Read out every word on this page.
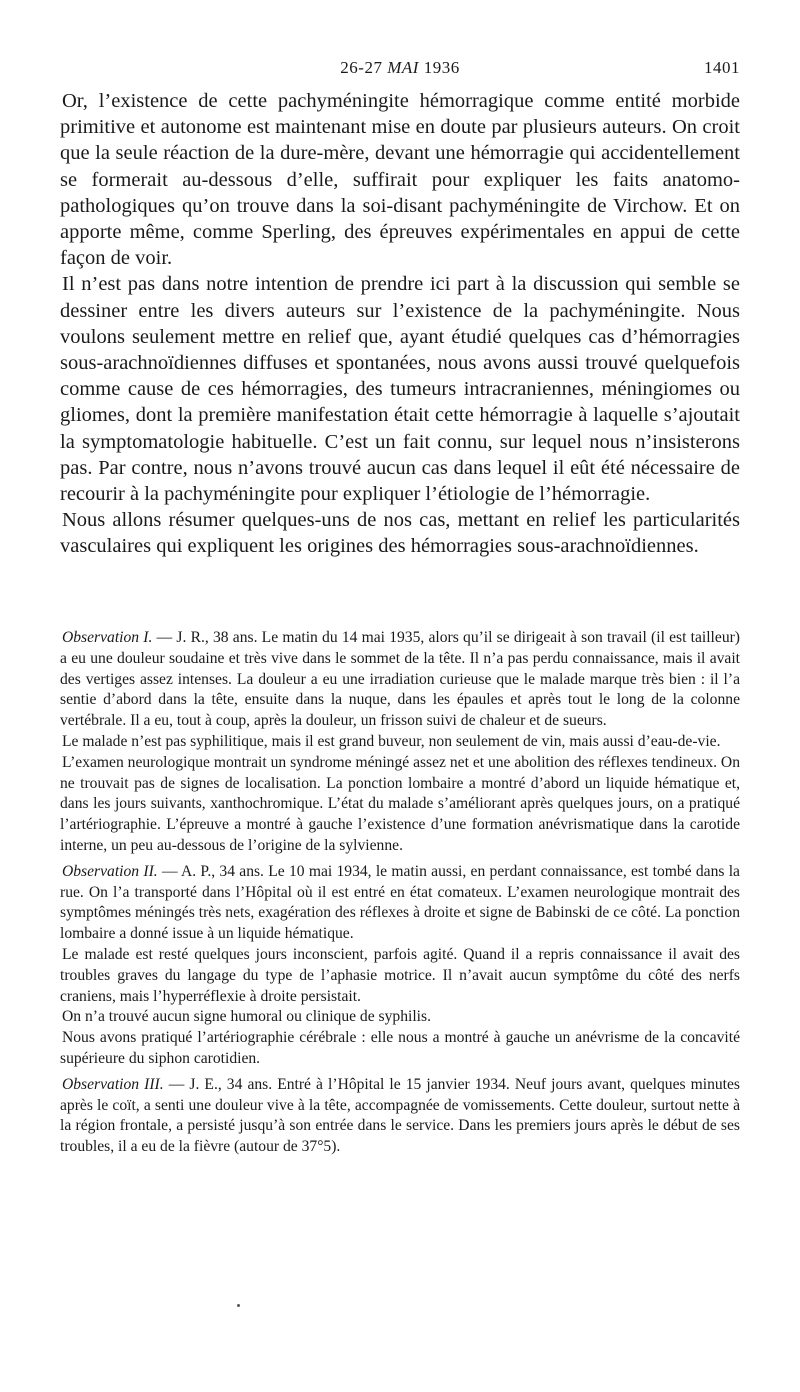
26-27 MAI 1936	1401

Or, l’existence de cette pachyméningite hémorragique comme entité morbide primitive et autonome est maintenant mise en doute par plusieurs auteurs. On croit que la seule réaction de la dure-mère, devant une hémorragie qui accidentellement se formerait au-dessous d’elle, suffirait pour expliquer les faits anatomo-pathologiques qu’on trouve dans la soi-disant pachyméningite de Virchow. Et on apporte même, comme Sperling, des épreuves expérimentales en appui de cette façon de voir.

Il n’est pas dans notre intention de prendre ici part à la discussion qui semble se dessiner entre les divers auteurs sur l’existence de la pachyméningite. Nous voulons seulement mettre en relief que, ayant étudié quelques cas d’hémorragies sous-arachnoïdiennes diffuses et spontanées, nous avons aussi trouvé quelquefois comme cause de ces hémorragies, des tumeurs intracraniennes, méningiomes ou gliomes, dont la première manifestation était cette hémorragie à laquelle s’ajoutait la symptomatologie habituelle. C’est un fait connu, sur lequel nous n’insisterons pas. Par contre, nous n’avons trouvé aucun cas dans lequel il eût été nécessaire de recourir à la pachyméningite pour expliquer l’étiologie de l’hémorragie.

Nous allons résumer quelques-uns de nos cas, mettant en relief les particularités vasculaires qui expliquent les origines des hémorragies sous-arachnoïdiennes.

Observation I. — J. R., 38 ans. Le matin du 14 mai 1935, alors qu’il se dirigeait à son travail (il est tailleur) a eu une douleur soudaine et très vive dans le sommet de la tête. Il n’a pas perdu connaissance, mais il avait des vertiges assez intenses. La douleur a eu une irradiation curieuse que le malade marque très bien : il l’a sentie d’abord dans la tête, ensuite dans la nuque, dans les épaules et après tout le long de la colonne vertébrale. Il a eu, tout à coup, après la douleur, un frisson suivi de chaleur et de sueurs.

Le malade n’est pas syphilitique, mais il est grand buveur, non seulement de vin, mais aussi d’eau-de-vie.

L’examen neurologique montrait un syndrome méningé assez net et une abolition des réflexes tendineux. On ne trouvait pas de signes de localisation. La ponction lombaire a montré d’abord un liquide hématique et, dans les jours suivants, xanthochromique. L’état du malade s’améliorant après quelques jours, on a pratiqué l’artériographie. L’épreuve a montré à gauche l’existence d’une formation anévrismatique dans la carotide interne, un peu au-dessous de l’origine de la sylvienne.

Observation II. — A. P., 34 ans. Le 10 mai 1934, le matin aussi, en perdant connaissance, est tombé dans la rue. On l’a transporté dans l’Hôpital où il est entré en état comateux. L’examen neurologique montrait des symptômes méningés très nets, exagération des réflexes à droite et signe de Babinski de ce côté. La ponction lombaire a donné issue à un liquide hématique.

Le malade est resté quelques jours inconscient, parfois agité. Quand il a repris connaissance il avait des troubles graves du langage du type de l’aphasie motrice. Il n’avait aucun symptôme du côté des nerfs craniens, mais l’hyperréflexie à droite persistait.

On n’a trouvé aucun signe humoral ou clinique de syphilis.

Nous avons pratiqué l’artériographie cérébrale : elle nous a montré à gauche un anévrisme de la concavité supérieure du siphon carotidien.

Observation III. — J. E., 34 ans. Entré à l’Hôpital le 15 janvier 1934. Neuf jours avant, quelques minutes après le coït, a senti une douleur vive à la tête, accompagnée de vomissements. Cette douleur, surtout nette à la région frontale, a persisté jusqu’à son entrée dans le service. Dans les premiers jours après le début de ses troubles, il a eu de la fièvre (autour de 37°5).
